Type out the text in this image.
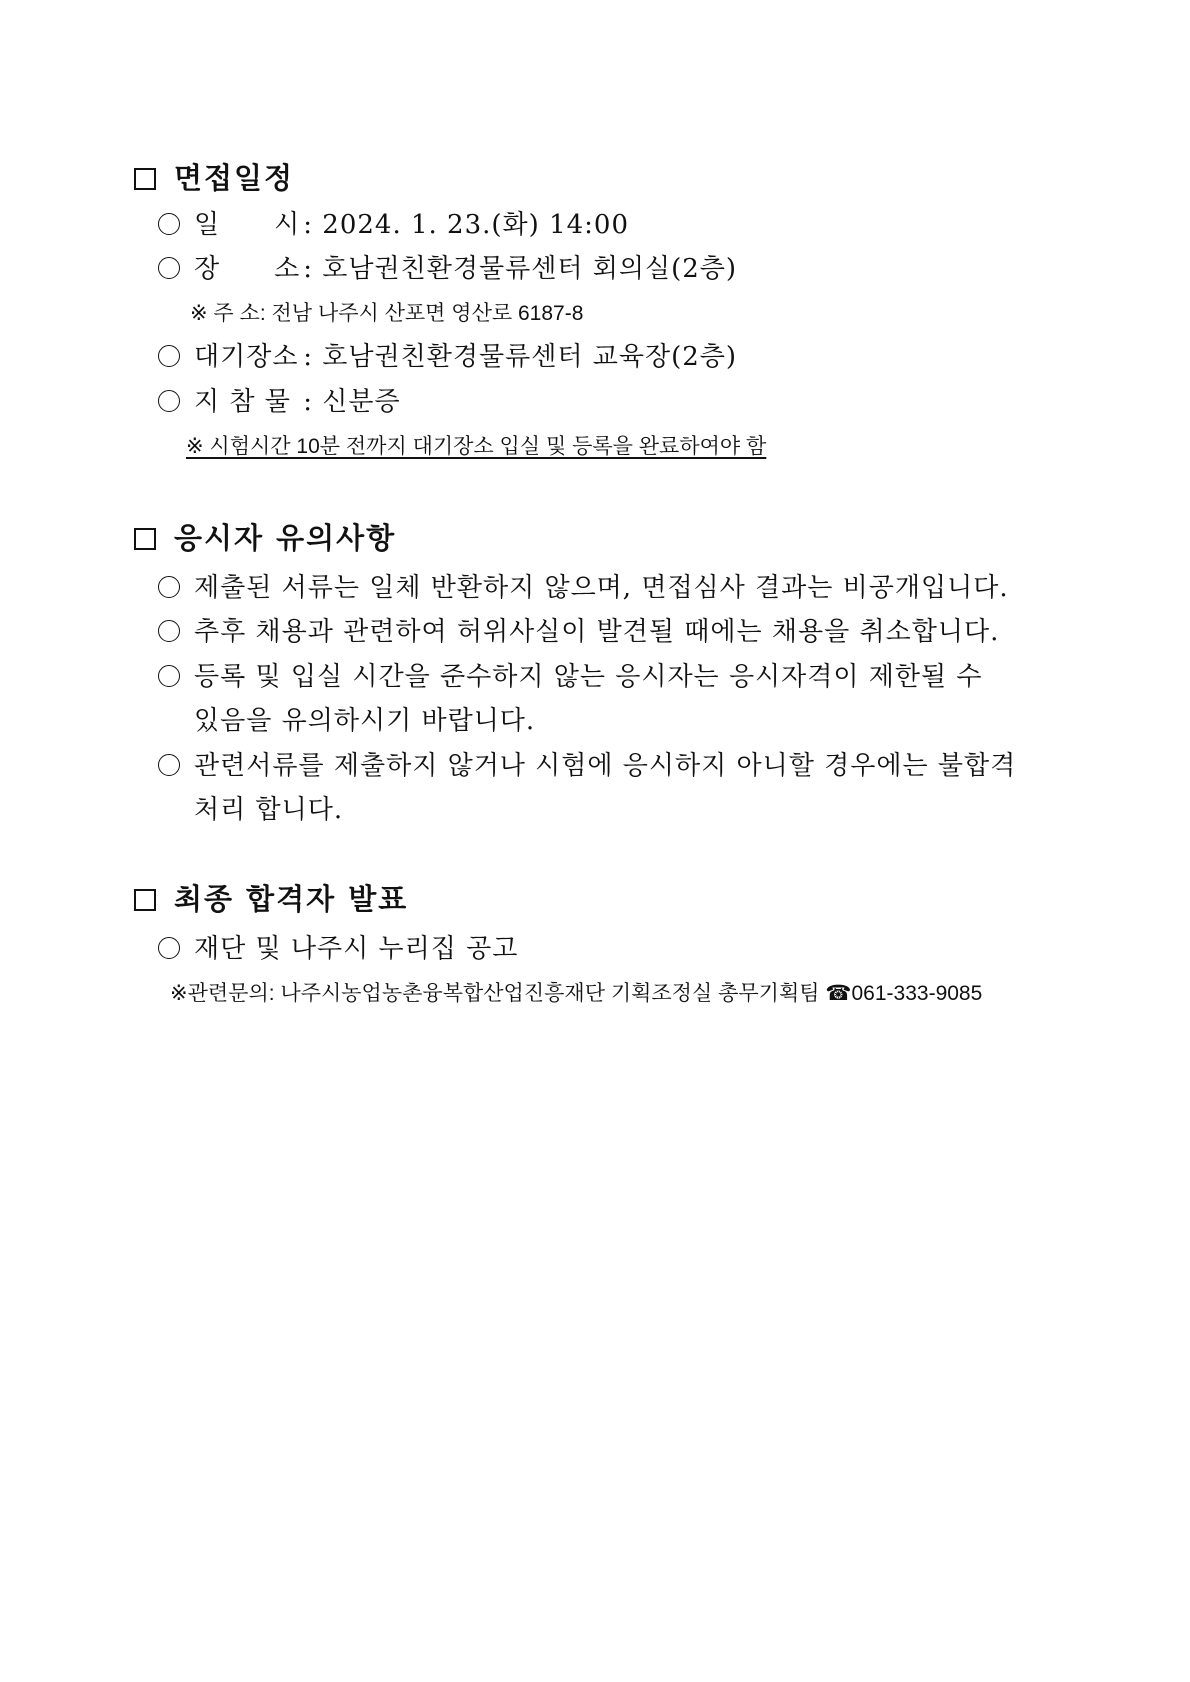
면접일정
일  시 : 2024. 1. 23.(화) 14:00
장  소 : 호남권친환경물류센터 회의실(2층)
※ 주 소: 전남 나주시 산포면 영산로 6187-8
대기장소 : 호남권친환경물류센터 교육장(2층)
지 참 물 : 신분증
※ 시험시간 10분 전까지 대기장소 입실 및 등록을 완료하여야 함
응시자 유의사항
제출된 서류는 일체 반환하지 않으며, 면접심사 결과는 비공개입니다.
추후 채용과 관련하여 허위사실이 발견될 때에는 채용을 취소합니다.
등록 및 입실 시간을 준수하지 않는 응시자는 응시자격이 제한될 수
있음을 유의하시기 바랍니다.
관련서류를 제출하지 않거나 시험에 응시하지 아니할 경우에는 불합격
처리 합니다.
최종 합격자 발표
재단 및 나주시 누리집 공고
※관련문의: 나주시농업농촌융복합산업진흥재단 기획조정실 총무기획팀 ☎061-333-9085
